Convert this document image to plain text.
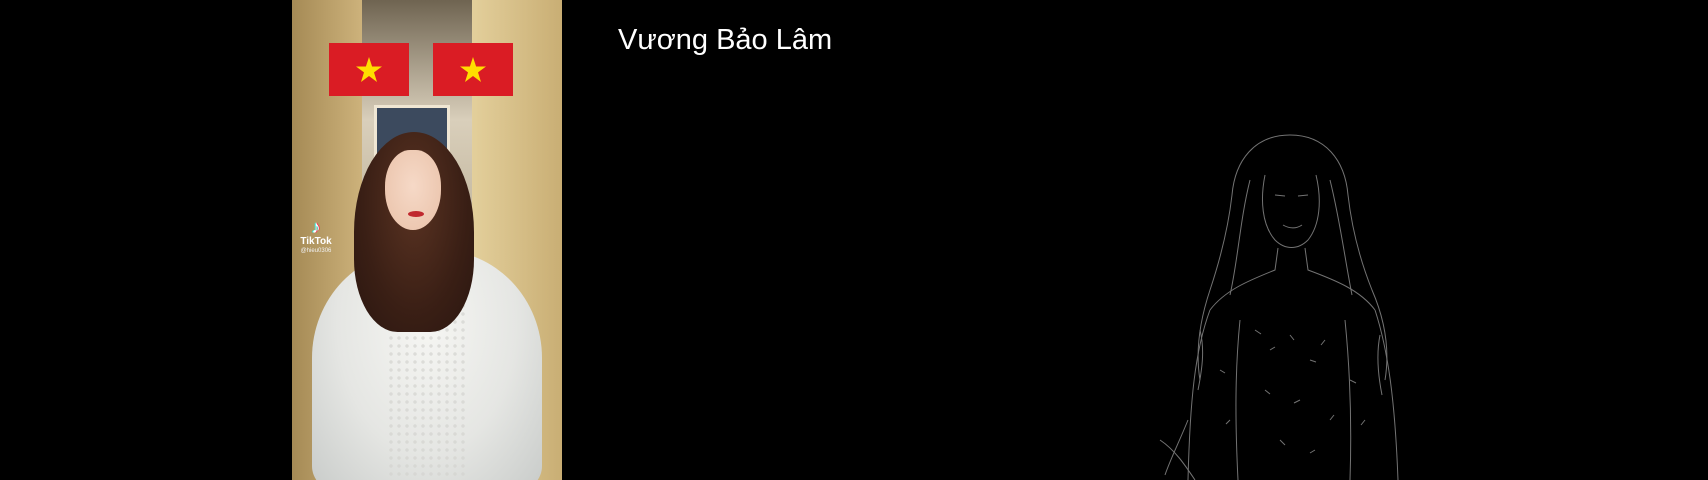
♪
TikTok
@hieu0306
Vương Bảo Lâm
